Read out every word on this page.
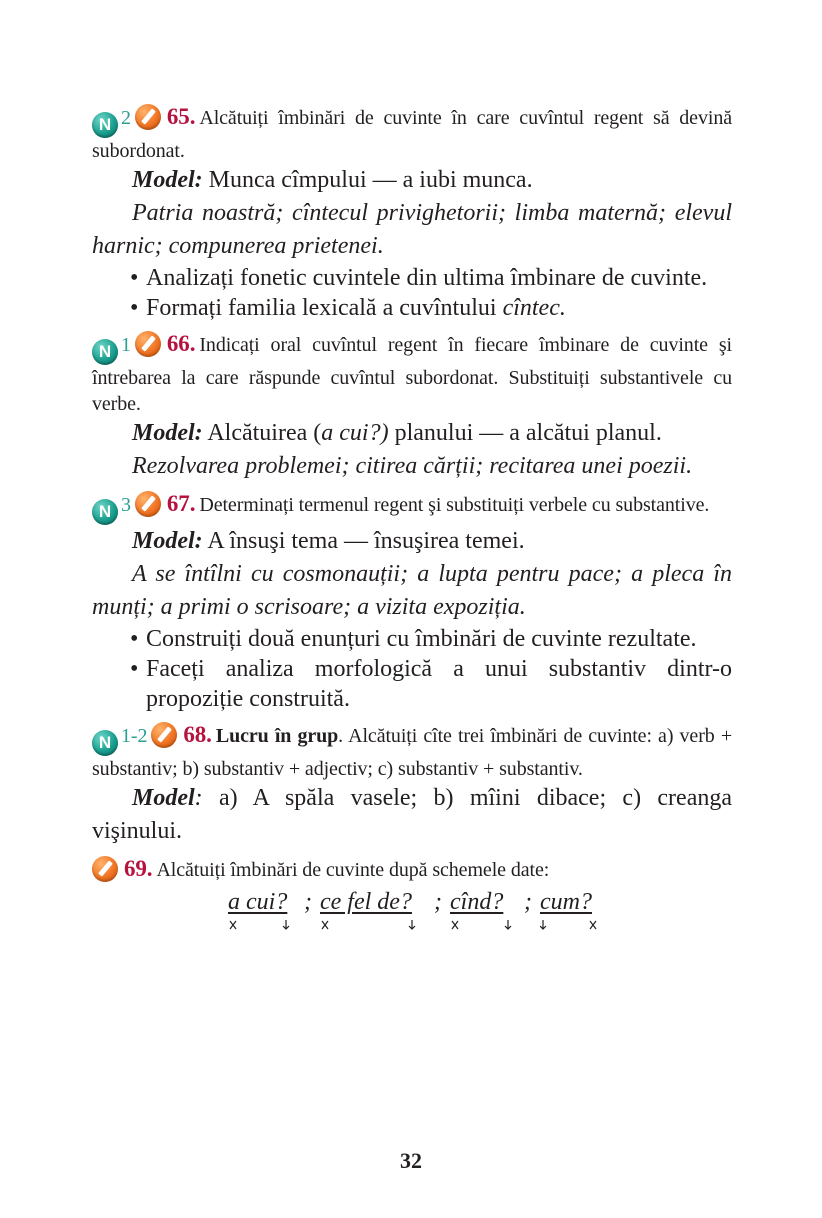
N 2 65. Alcătuiți îmbinări de cuvinte în care cuvîntul regent să devină subordonat.
Model: Munca cîmpului — a iubi munca.
Patria noastră; cîntecul privighetorii; limba maternă; elevul harnic; compunerea prietenei.
• Analizați fonetic cuvintele din ultima îmbinare de cuvinte.
• Formați familia lexicală a cuvîntului cîntec.
N 1 66. Indicați oral cuvîntul regent în fiecare îmbinare de cuvinte şi întrebarea la care răspunde cuvîntul subordonat. Substituiți substantivele cu verbe.
Model: Alcătuirea (a cui?) planului — a alcătui planul.
Rezolvarea problemei; citirea cărții; recitarea unei poezii.
N 3 67. Determinați termenul regent şi substituiți verbele cu substantive.
Model: A însuşi tema — însuşirea temei.
A se întîlni cu cosmonauții; a lupta pentru pace; a pleca în munți; a primi o scrisoare; a vizita expoziția.
• Construiți două enunțuri cu îmbinări de cuvinte rezultate.
• Faceți analiza morfologică a unui substantiv dintr-o propoziție construită.
N 1-2 68. Lucru în grup. Alcătuiți cîte trei îmbinări de cuvinte: a) verb + substantiv; b) substantiv + adjectiv; c) substantiv + substantiv.
Model: a) A spăla vasele; b) mîini dibace; c) creanga vişinului.
69. Alcătuiți îmbinări de cuvinte după schemele date:
a cui? ; ce fel de? ; cînd? ; cum?
32
